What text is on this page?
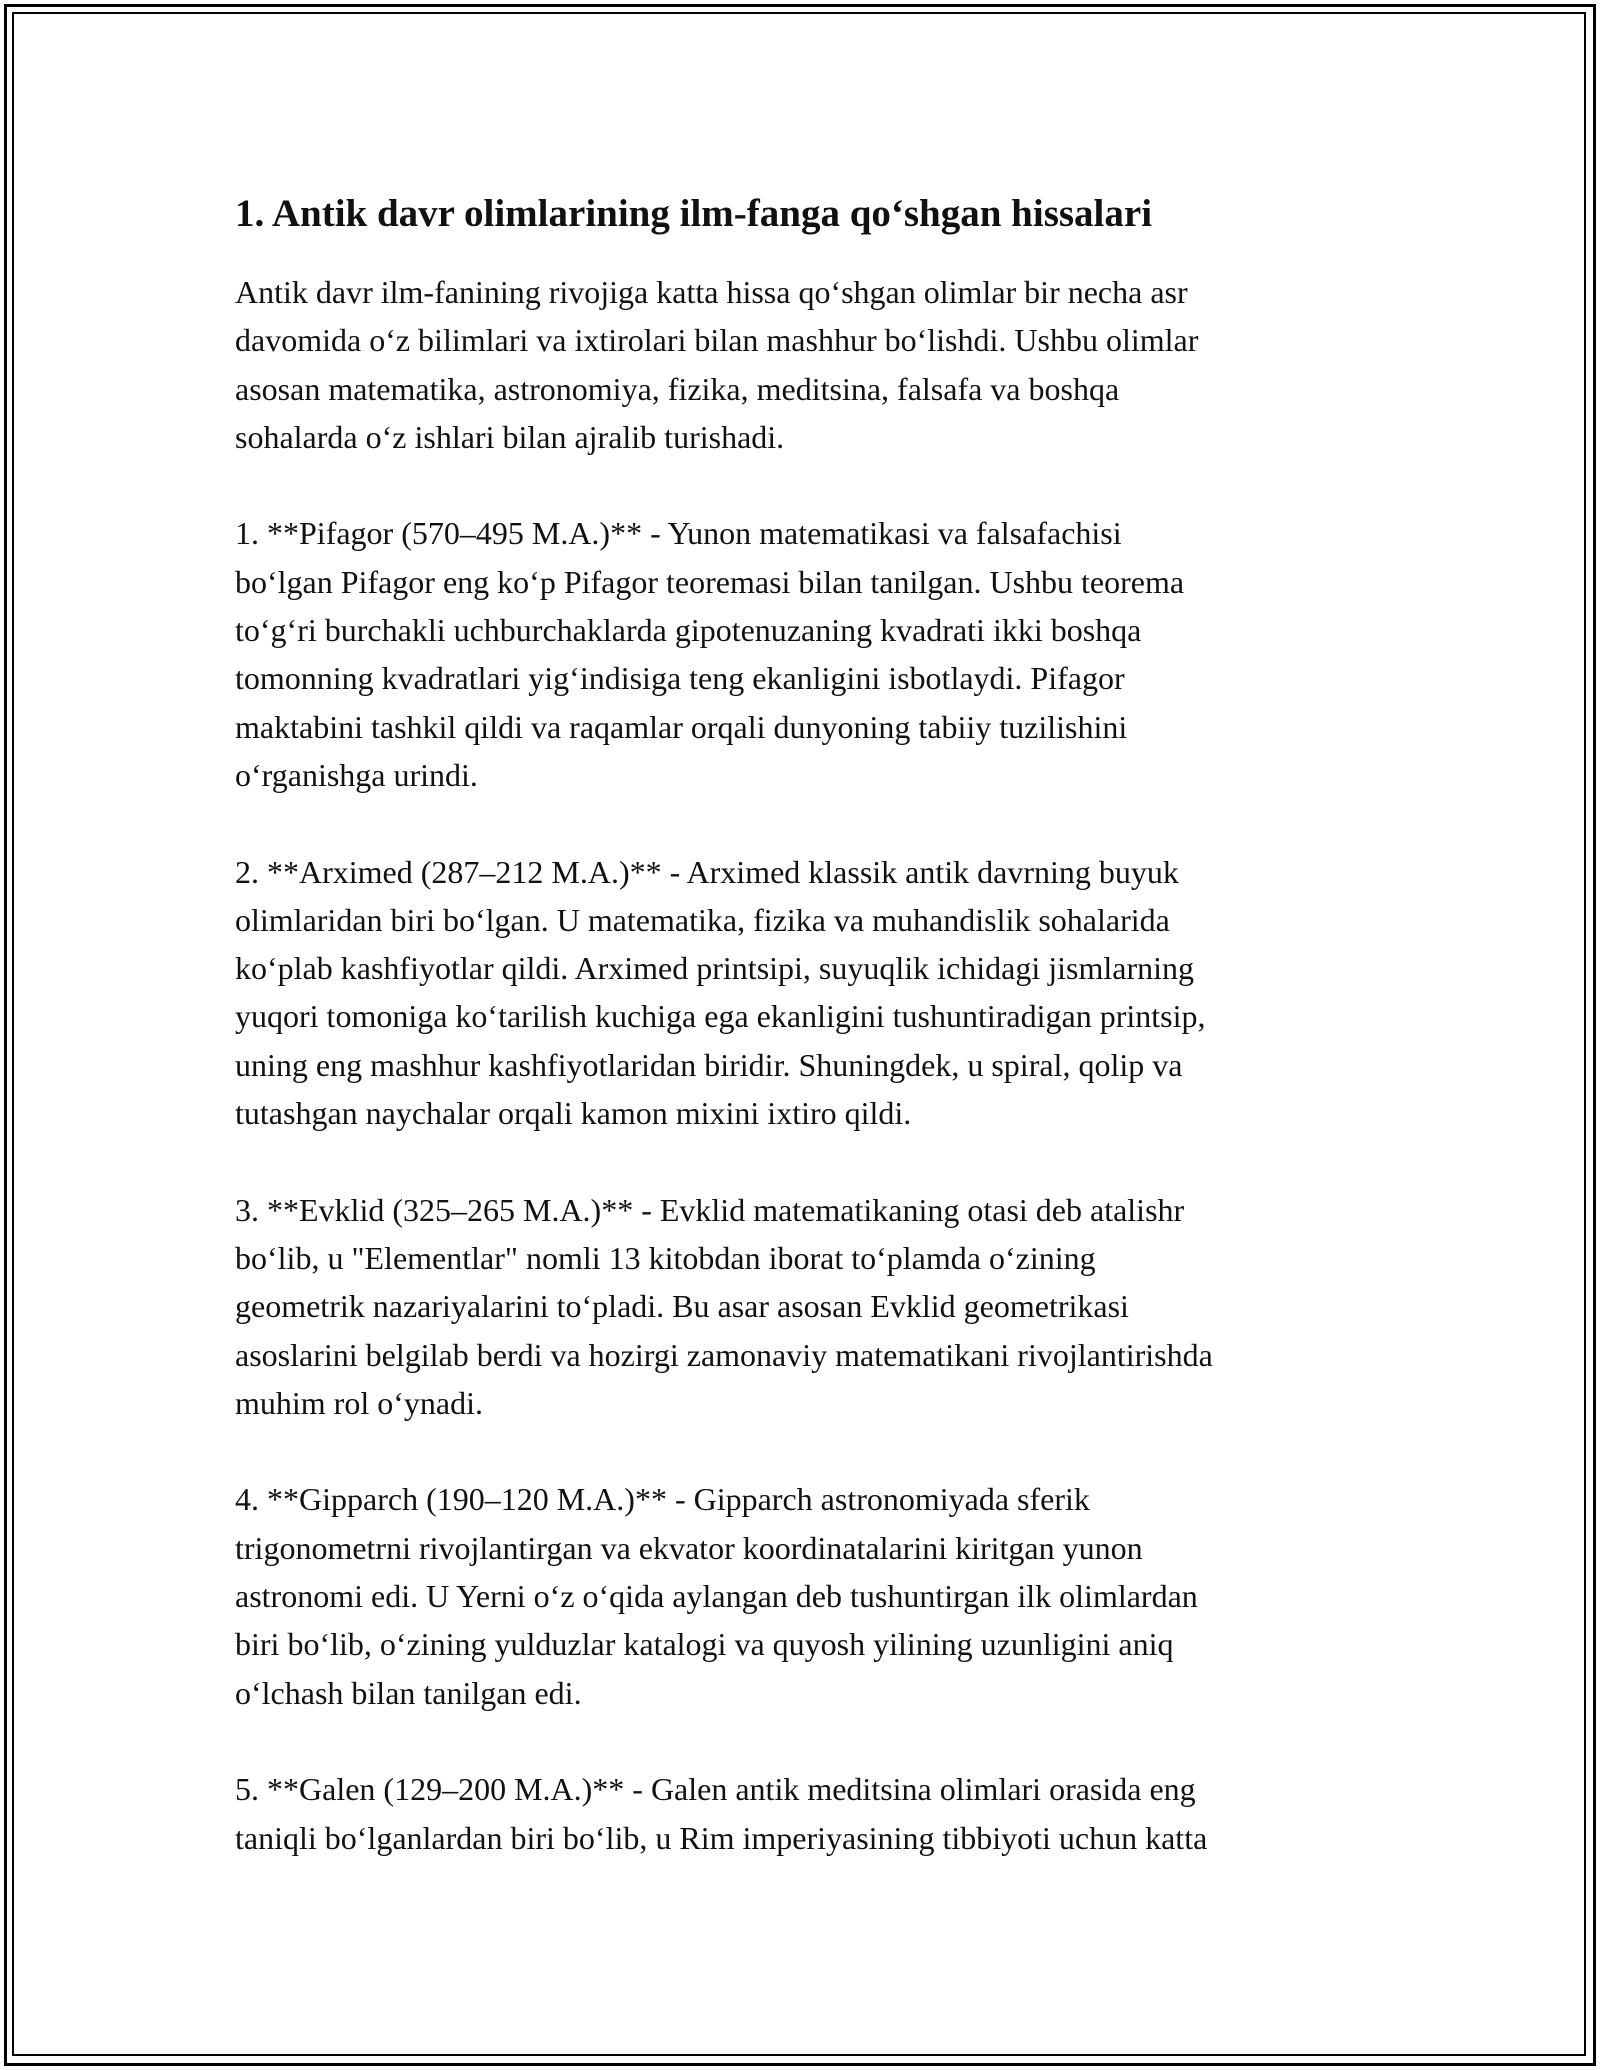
1. Antik davr olimlarining ilm-fanga qo‘shgan hissalari
Antik davr ilm-fanining rivojiga katta hissa qo‘shgan olimlar bir necha asr
davomida o‘z bilimlari va ixtirolari bilan mashhur bo‘lishdi. Ushbu olimlar
asosan matematika, astronomiya, fizika, meditsina, falsafa va boshqa
sohalarda o‘z ishlari bilan ajralib turishadi.
1. **Pifagor (570–495 M.A.)** - Yunon matematikasi va falsafachisi
bo‘lgan Pifagor eng ko‘p Pifagor teoremasi bilan tanilgan. Ushbu teorema
to‘g‘ri burchakli uchburchaklarda gipotenuzaning kvadrati ikki boshqa
tomonning kvadratlari yig‘indisiga teng ekanligini isbotlaydi. Pifagor
maktabini tashkil qildi va raqamlar orqali dunyoning tabiiy tuzilishini
o‘rganishga urindi.
2. **Arximed (287–212 M.A.)** - Arximed klassik antik davrning buyuk
olimlaridan biri bo‘lgan. U matematika, fizika va muhandislik sohalarida
ko‘plab kashfiyotlar qildi. Arximed printsipi, suyuqlik ichidagi jismlarning
yuqori tomoniga ko‘tarilish kuchiga ega ekanligini tushuntiradigan printsip,
uning eng mashhur kashfiyotlaridan biridir. Shuningdek, u spiral, qolip va
tutashgan naychalar orqali kamon mixini ixtiro qildi.
3. **Evklid (325–265 M.A.)** - Evklid matematikaning otasi deb atalishr
bo‘lib, u "Elementlar" nomli 13 kitobdan iborat to‘plamda o‘zining
geometrik nazariyalarini to‘pladi. Bu asar asosan Evklid geometrikasi
asoslarini belgilab berdi va hozirgi zamonaviy matematikani rivojlantirishda
muhim rol o‘ynadi.
4. **Gipparch (190–120 M.A.)** - Gipparch astronomiyada sferik
trigonometrni rivojlantirgan va ekvator koordinatalarini kiritgan yunon
astronomi edi. U Yerni o‘z o‘qida aylangan deb tushuntirgan ilk olimlardan
biri bo‘lib, o‘zining yulduzlar katalogi va quyosh yilining uzunligini aniq
o‘lchash bilan tanilgan edi.
5. **Galen (129–200 M.A.)** - Galen antik meditsina olimlari orasida eng
taniqli bo‘lganlardan biri bo‘lib, u Rim imperiyasining tibbiyoti uchun katta
